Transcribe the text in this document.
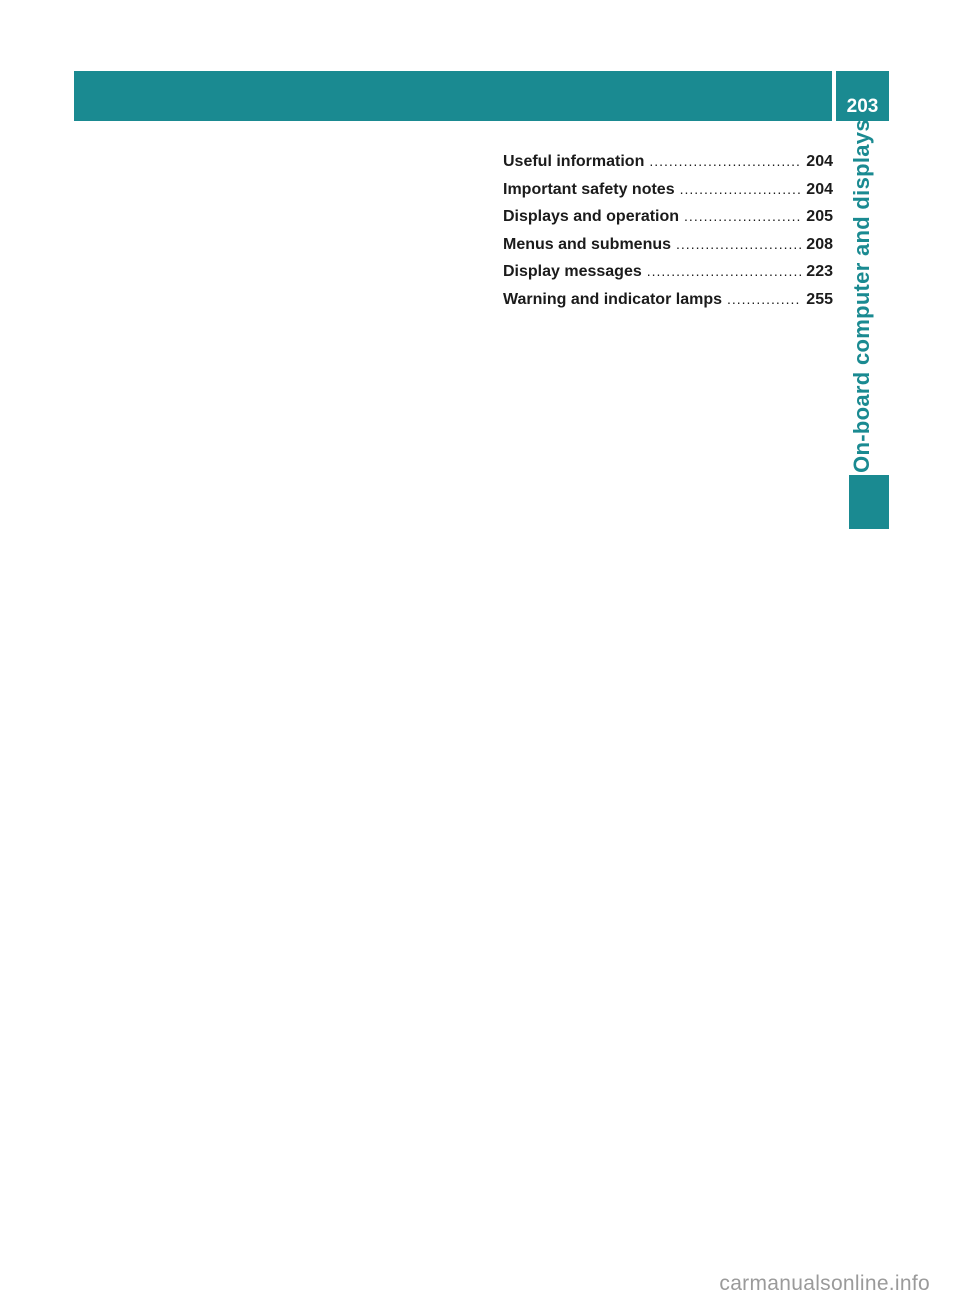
203
On-board computer and displays
Useful information .....	204
Important safety notes .....	204
Displays and operation .....	205
Menus and submenus .....	208
Display messages .....	223
Warning and indicator lamps .....	255
carmanualsonline.info
